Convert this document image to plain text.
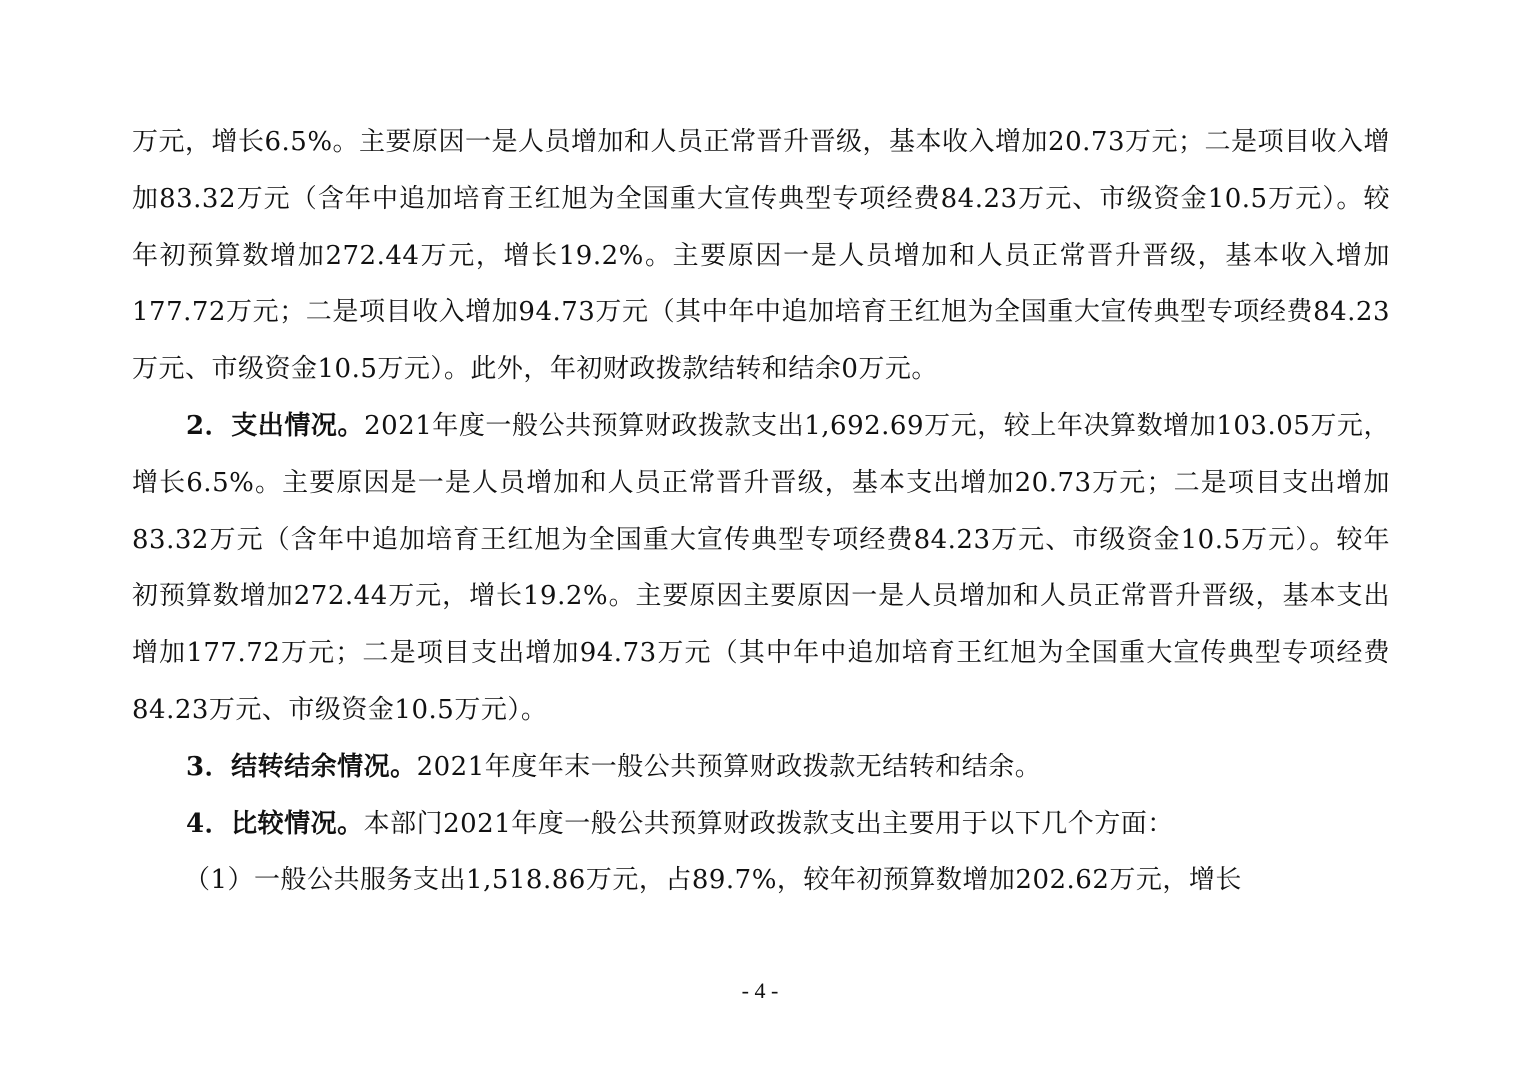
万元，增长6.5%。主要原因一是人员增加和人员正常晋升晋级，基本收入增加20.73万元；二是项目收入增加83.32万元（含年中追加培育王红旭为全国重大宣传典型专项经费84.23万元、市级资金10.5万元）。较年初预算数增加272.44万元，增长19.2%。主要原因一是人员增加和人员正常晋升晋级，基本收入增加177.72万元；二是项目收入增加94.73万元（其中年中追加培育王红旭为全国重大宣传典型专项经费84.23万元、市级资金10.5万元）。此外，年初财政拨款结转和结余0万元。

2．支出情况。2021年度一般公共预算财政拨款支出1,692.69万元，较上年决算数增加103.05万元，增长6.5%。主要原因是一是人员增加和人员正常晋升晋级，基本支出增加20.73万元；二是项目支出增加83.32万元（含年中追加培育王红旭为全国重大宣传典型专项经费84.23万元、市级资金10.5万元）。较年初预算数增加272.44万元，增长19.2%。主要原因主要原因一是人员增加和人员正常晋升晋级，基本支出增加177.72万元；二是项目支出增加94.73万元（其中年中追加培育王红旭为全国重大宣传典型专项经费84.23万元、市级资金10.5万元）。

3．结转结余情况。2021年度年末一般公共预算财政拨款无结转和结余。

4．比较情况。本部门2021年度一般公共预算财政拨款支出主要用于以下几个方面：

（1）一般公共服务支出1,518.86万元，占89.7%，较年初预算数增加202.62万元，增长

- 4 -
